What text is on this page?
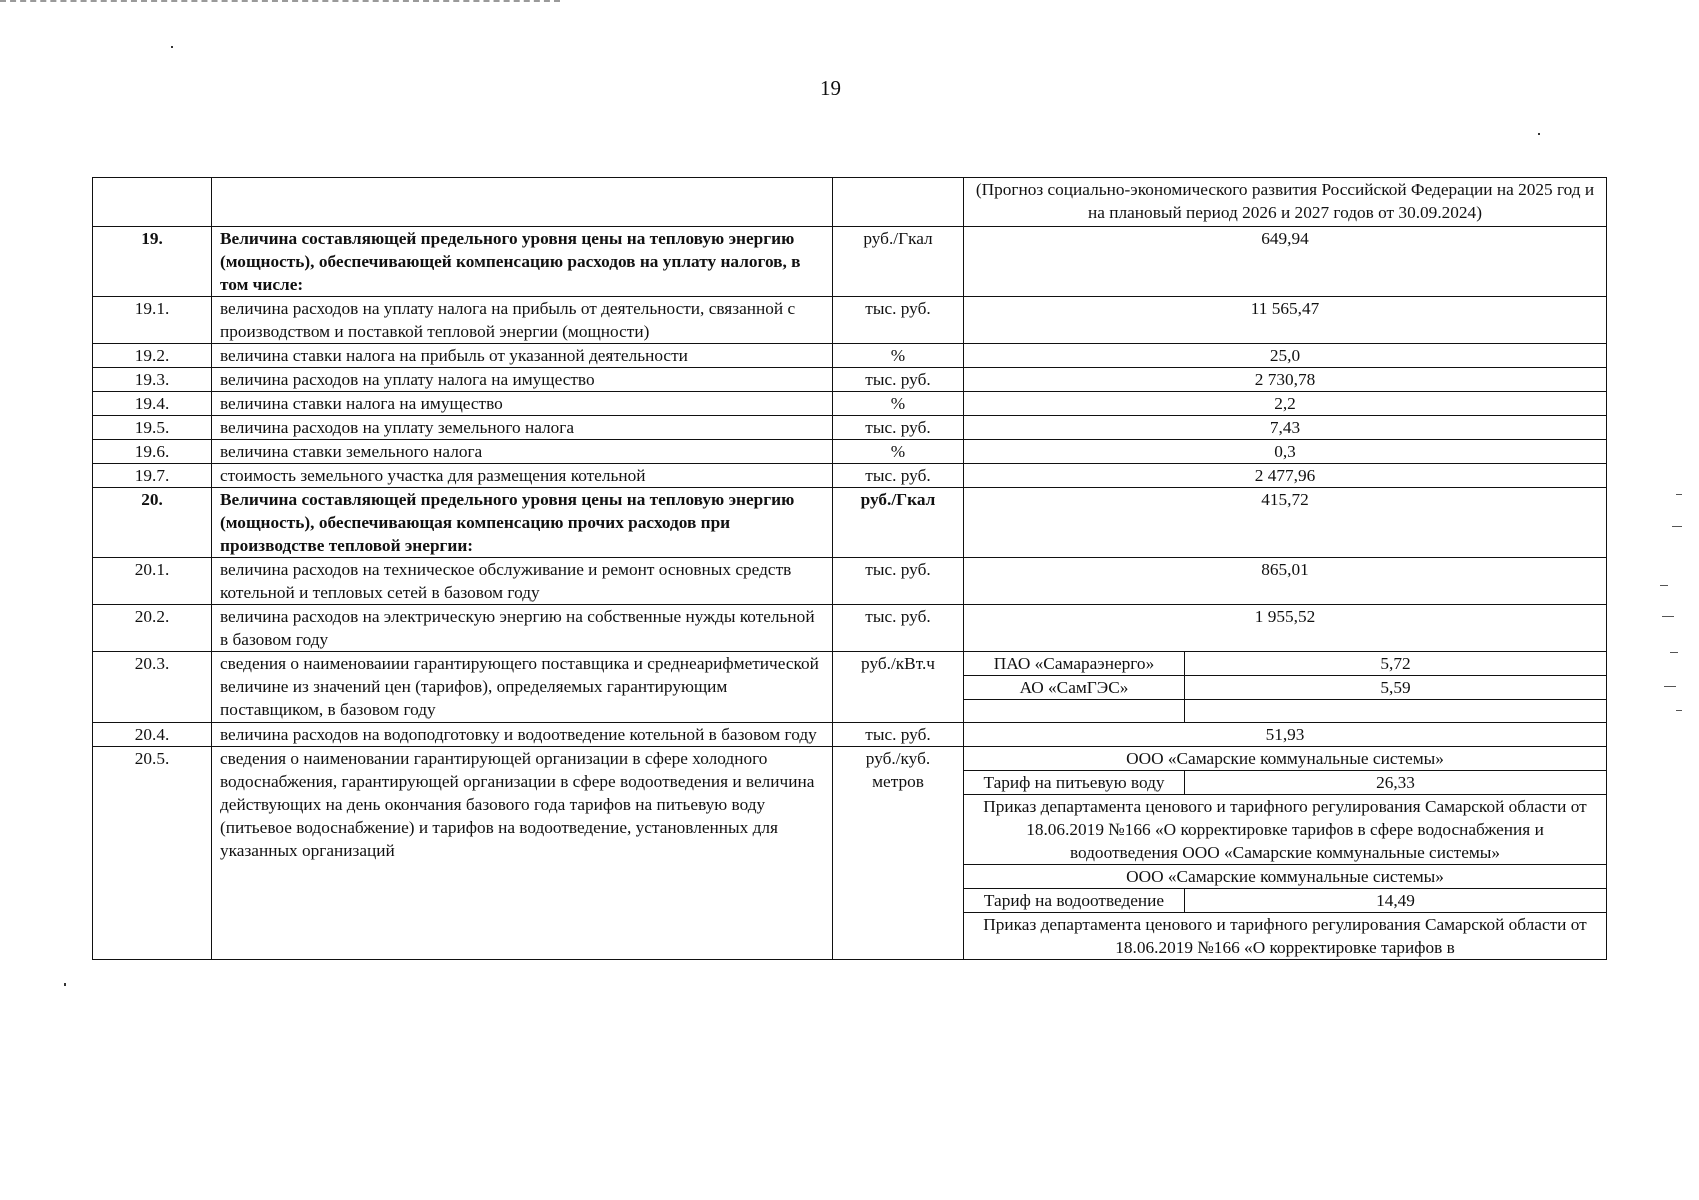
19
			(Прогноз социально-экономического развития Российской Федерации на 2025 год и на плановый период 2026 и 2027 годов от 30.09.2024)	
19.	Величина составляющей предельного уровня цены на тепловую энергию (мощность), обеспечивающей компенсацию расходов на уплату налогов, в том числе:	руб./Гкал	649,94	
19.1.	величина расходов на уплату налога на прибыль от деятельности, связанной с производством и поставкой тепловой энергии (мощности)	тыс. руб.	11 565,47	
19.2.	величина ставки налога на прибыль от указанной деятельности	%	25,0	
19.3.	величина расходов на уплату налога на имущество	тыс. руб.	2 730,78	
19.4.	величина ставки налога на имущество	%	2,2	
19.5.	величина расходов на уплату земельного налога	тыс. руб.	7,43	
19.6.	величина ставки земельного налога	%	0,3	
19.7.	стоимость земельного участка для размещения котельной	тыс. руб.	2 477,96	
20.	Величина составляющей предельного уровня цены на тепловую энергию (мощность), обеспечивающая компенсацию прочих расходов при производстве тепловой энергии:	руб./Гкал	415,72	
20.1.	величина расходов на техническое обслуживание и ремонт основных средств котельной и тепловых сетей в базовом году	тыс. руб.	865,01	
20.2.	величина расходов на электрическую энергию на собственные нужды котельной в базовом году	тыс. руб.	1 955,52	
20.3.	сведения о наименоваиии гарантирующего поставщика и среднеарифметической величине из значений цен (тарифов), определяемых гарантирующим поставщиком, в базовом году	руб./кВт.ч	ПАО «Самараэнерго»	5,72
			АО «СамГЭС»	5,59

20.4.	величина расходов на водоподготовку и водоотведение котельной в базовом году	тыс. руб.	51,93	
20.5.	сведения о наименовании гарантирующей организации в сфере холодного водоснабжения, гарантирующей организации в сфере водоотведения и величина действующих на день окончания базового года тарифов на питьевую воду (питьевое водоснабжение) и тарифов на водоотведение, установленных для указанных организаций	руб./куб. метров	ООО «Самарские коммунальные системы»	
			Тариф на питьевую воду	26,33
			Приказ департамента ценового и тарифного регулирования Самарской области от 18.06.2019 №166 «О корректировке тарифов в сфере водоснабжения и водоотведения ООО «Самарские коммунальные системы»	
			ООО «Самарские коммунальные системы»	
			Тариф на водоотведение	14,49
			Приказ департамента ценового и тарифного регулирования Самарской области от 18.06.2019 №166 «О корректировке тарифов в	
